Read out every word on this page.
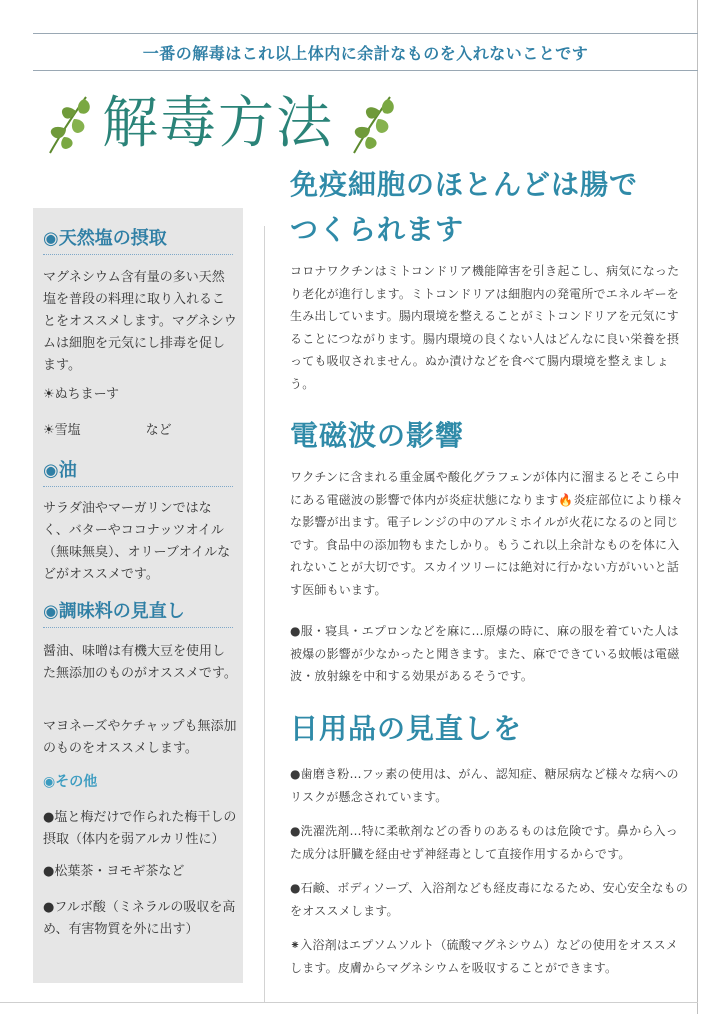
一番の解毒はこれ以上体内に余計なものを入れないことです
解毒方法
◉天然塩の摂取
マグネシウム含有量の多い天然塩を普段の料理に取り入れることをオススメします。マグネシウムは細胞を元気にし排毒を促します。
☀ぬちまーす
☀雪塩　　　　　など
◉油
サラダ油やマーガリンではなく、バターやココナッツオイル（無味無臭）、オリーブオイルなどがオススメです。
◉調味料の見直し
醤油、味噌は有機大豆を使用した無添加のものがオススメです。
マヨネーズやケチャップも無添加のものをオススメします。
◉その他
●塩と梅だけで作られた梅干しの摂取（体内を弱アルカリ性に）
●松葉茶・ヨモギ茶など
●フルボ酸（ミネラルの吸収を高め、有害物質を外に出す）
免疫細胞のほとんどは腸で
つくられます
コロナワクチンはミトコンドリア機能障害を引き起こし、病気になったり老化が進行します。ミトコンドリアは細胞内の発電所でエネルギーを生み出しています。腸内環境を整えることがミトコンドリアを元気にすることにつながります。腸内環境の良くない人はどんなに良い栄養を摂っても吸収されません。ぬか漬けなどを食べて腸内環境を整えましょう。
電磁波の影響
ワクチンに含まれる重金属や酸化グラフェンが体内に溜まるとそこら中にある電磁波の影響で体内が炎症状態になります🔥炎症部位により様々な影響が出ます。電子レンジの中のアルミホイルが火花になるのと同じです。食品中の添加物もまたしかり。もうこれ以上余計なものを体に入れないことが大切です。スカイツリーには絶対に行かない方がいいと話す医師もいます。
●服・寝具・エプロンなどを麻に…原爆の時に、麻の服を着ていた人は被爆の影響が少なかったと聞きます。また、麻でできている蚊帳は電磁波・放射線を中和する効果があるそうです。
日用品の見直しを
●歯磨き粉…フッ素の使用は、がん、認知症、糖尿病など様々な病へのリスクが懸念されています。
●洗濯洗剤…特に柔軟剤などの香りのあるものは危険です。鼻から入った成分は肝臓を経由せず神経毒として直接作用するからです。
●石鹸、ボディソープ、入浴剤なども経皮毒になるため、安心安全なものをオススメします。
⁕入浴剤はエプソムソルト（硫酸マグネシウム）などの使用をオススメします。皮膚からマグネシウムを吸収することができます。
